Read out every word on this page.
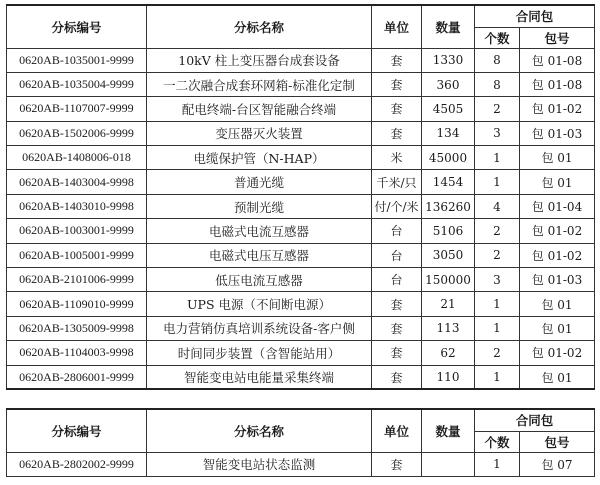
分标编号	分标名称	单位	数量	合同包	
				个数	包号
0620AB-1035001-9999	10kV 柱上变压器台成套设备	套	1330	8	包 01-08
0620AB-1035004-9999	一二次融合成套环网箱-标准化定制	套	360	8	包 01-08
0620AB-1107007-9999	配电终端-台区智能融合终端	套	4505	2	包 01-02
0620AB-1502006-9999	变压器灭火装置	套	134	3	包 01-03
0620AB-1408006-018	电缆保护管（N-HAP）	米	45000	1	包 01
0620AB-1403004-9998	普通光缆	千米/只	1454	1	包 01
0620AB-1403010-9998	预制光缆	付/个/米	136260	4	包 01-04
0620AB-1003001-9999	电磁式电流互感器	台	5106	2	包 01-02
0620AB-1005001-9999	电磁式电压互感器	台	3050	2	包 01-02
0620AB-2101006-9999	低压电流互感器	台	150000	3	包 01-03
0620AB-1109010-9999	UPS 电源（不间断电源）	套	21	1	包 01
0620AB-1305009-9998	电力营销仿真培训系统设备-客户侧	套	113	1	包 01
0620AB-1104003-9998	时间同步装置（含智能站用）	套	62	2	包 01-02
0620AB-2806001-9999	智能变电站电能量采集终端	套	110	1	包 01
分标编号	分标名称	单位	数量	合同包	
				个数	包号
0620AB-2802002-9999	智能变电站状态监测	套		1	包 07
